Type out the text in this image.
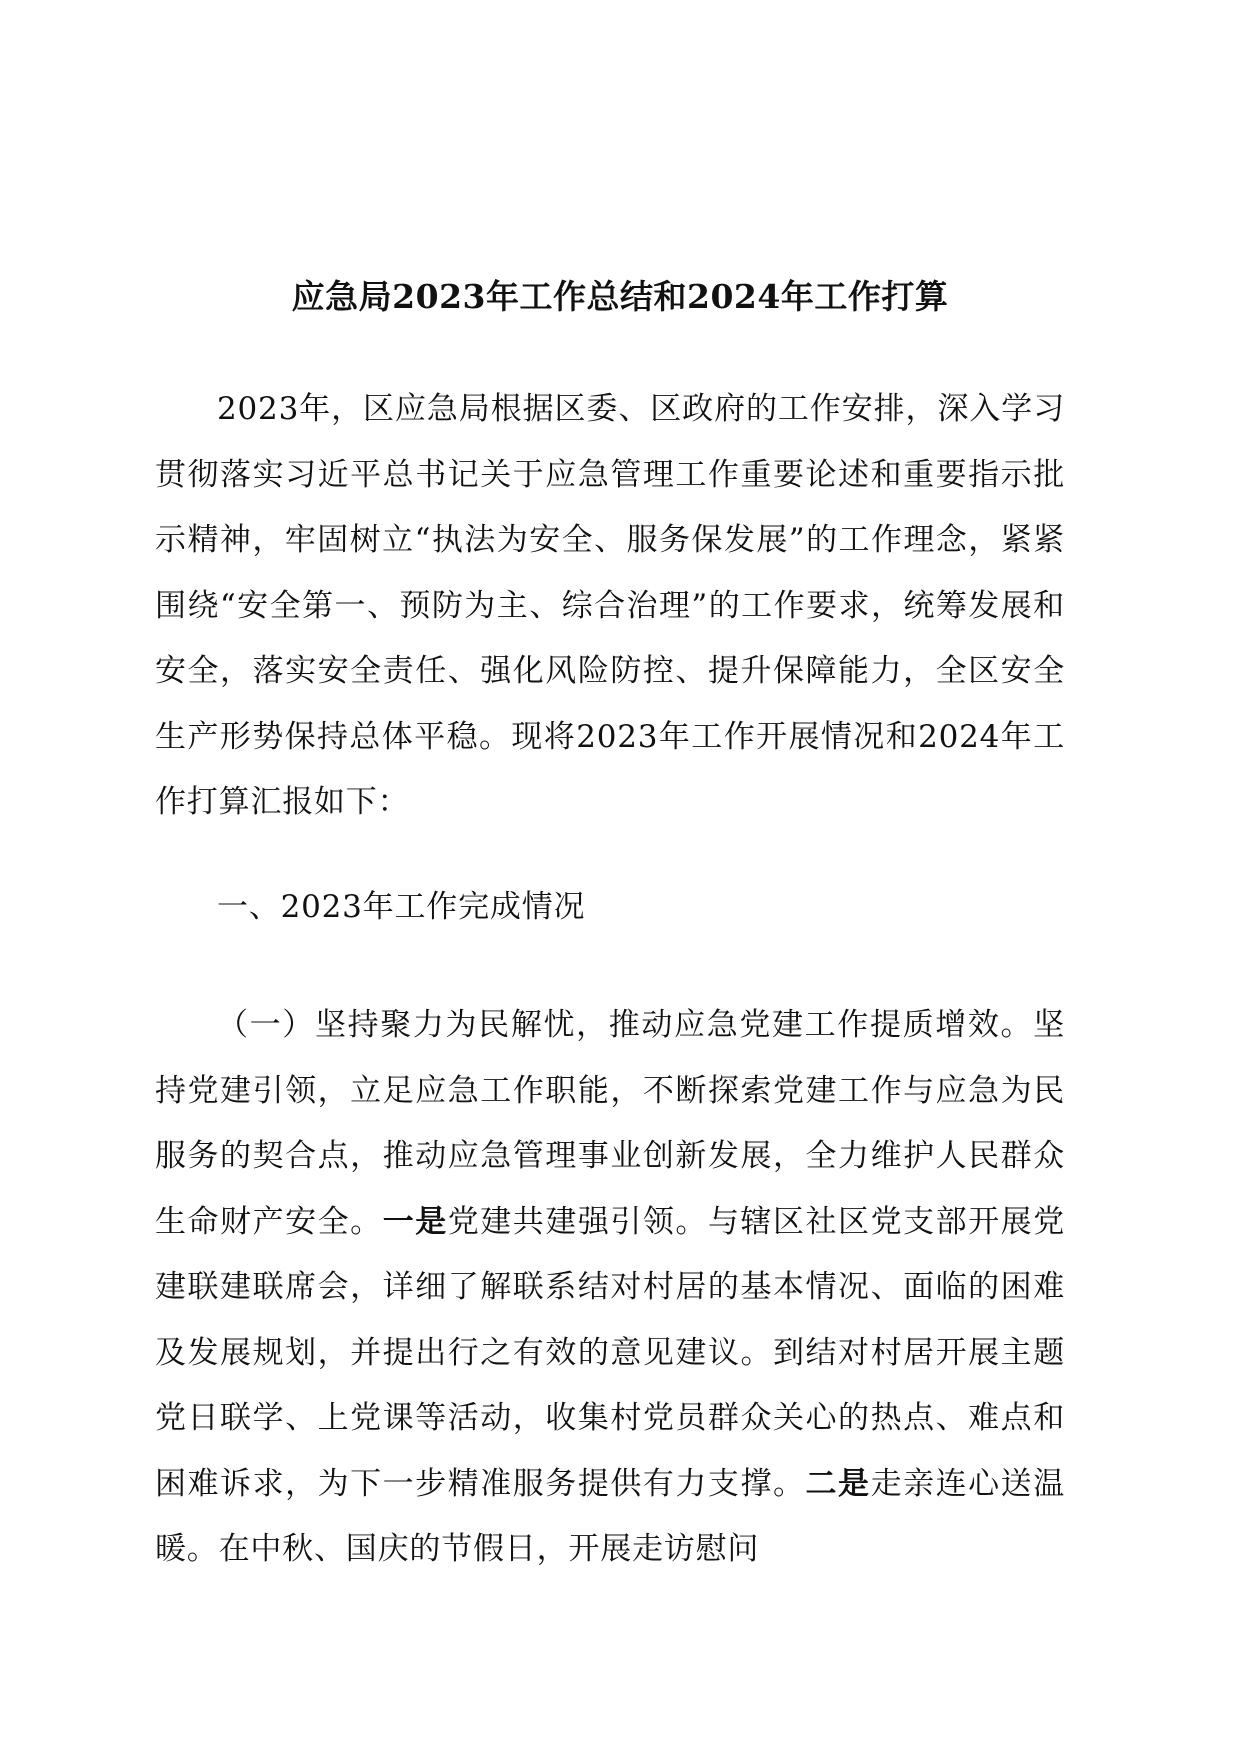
应急局2023年工作总结和2024年工作打算

2023年，区应急局根据区委、区政府的工作安排，深入学习贯彻落实习近平总书记关于应急管理工作重要论述和重要指示批示精神，牢固树立“执法为安全、服务保发展”的工作理念，紧紧围绕“安全第一、预防为主、综合治理”的工作要求，统筹发展和安全，落实安全责任、强化风险防控、提升保障能力，全区安全生产形势保持总体平稳。现将2023年工作开展情况和2024年工作打算汇报如下：

一、2023年工作完成情况

（一）坚持聚力为民解忧，推动应急党建工作提质增效。坚持党建引领，立足应急工作职能，不断探索党建工作与应急为民服务的契合点，推动应急管理事业创新发展，全力维护人民群众生命财产安全。一是党建共建强引领。与辖区社区党支部开展党建联建联席会，详细了解联系结对村居的基本情况、面临的困难及发展规划，并提出行之有效的意见建议。到结对村居开展主题党日联学、上党课等活动，收集村党员群众关心的热点、难点和困难诉求，为下一步精准服务提供有力支撑。二是走亲连心送温暖。在中秋、国庆的节假日，开展走访慰问
